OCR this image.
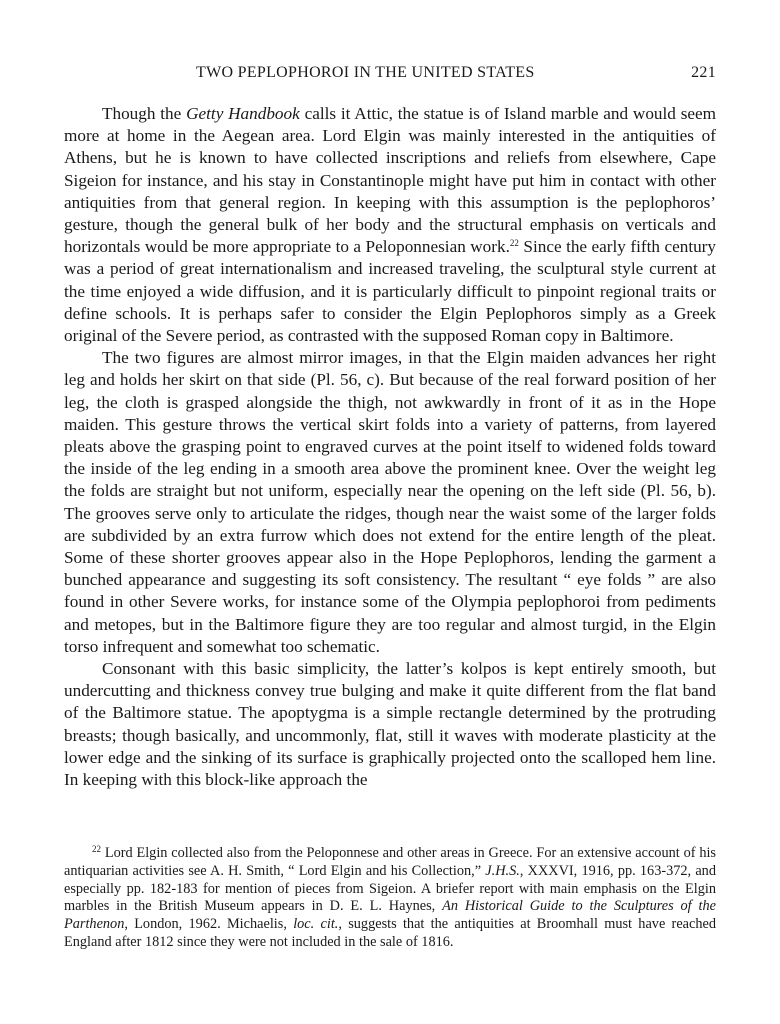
TWO PEPLOPHOROI IN THE UNITED STATES	221

Though the Getty Handbook calls it Attic, the statue is of Island marble and would seem more at home in the Aegean area. Lord Elgin was mainly interested in the antiquities of Athens, but he is known to have collected inscriptions and reliefs from elsewhere, Cape Sigeion for instance, and his stay in Constantinople might have put him in contact with other antiquities from that general region. In keeping with this assumption is the peplophoros’ gesture, though the general bulk of her body and the structural emphasis on verticals and horizontals would be more appropriate to a Peloponnesian work.$^{22}$ Since the early fifth century was a period of great internationalism and increased traveling, the sculptural style current at the time enjoyed a wide diffusion, and it is particularly difficult to pinpoint regional traits or define schools. It is perhaps safer to consider the Elgin Peplophoros simply as a Greek original of the Severe period, as contrasted with the supposed Roman copy in Baltimore.

The two figures are almost mirror images, in that the Elgin maiden advances her right leg and holds her skirt on that side (Pl. 56, c). But because of the real forward position of her leg, the cloth is grasped alongside the thigh, not awkwardly in front of it as in the Hope maiden. This gesture throws the vertical skirt folds into a variety of patterns, from layered pleats above the grasping point to engraved curves at the point itself to widened folds toward the inside of the leg ending in a smooth area above the prominent knee. Over the weight leg the folds are straight but not uniform, especially near the opening on the left side (Pl. 56, b). The grooves serve only to articulate the ridges, though near the waist some of the larger folds are subdivided by an extra furrow which does not extend for the entire length of the pleat. Some of these shorter grooves appear also in the Hope Peplophoros, lending the garment a bunched appearance and suggesting its soft consistency. The resultant “ eye folds ” are also found in other Severe works, for instance some of the Olympia peplophoroi from pediments and metopes, but in the Baltimore figure they are too regular and almost turgid, in the Elgin torso infrequent and somewhat too schematic.

Consonant with this basic simplicity, the latter’s kolpos is kept entirely smooth, but undercutting and thickness convey true bulging and make it quite different from the flat band of the Baltimore statue. The apoptygma is a simple rectangle determined by the protruding breasts; though basically, and uncommonly, flat, still it waves with moderate plasticity at the lower edge and the sinking of its surface is graphically projected onto the scalloped hem line. In keeping with this block-like approach the

$^{22}$ Lord Elgin collected also from the Peloponnese and other areas in Greece. For an extensive account of his antiquarian activities see A. H. Smith, “ Lord Elgin and his Collection,” J.H.S., XXXVI, 1916, pp. 163-372, and especially pp. 182-183 for mention of pieces from Sigeion. A briefer report with main emphasis on the Elgin marbles in the British Museum appears in D. E. L. Haynes, An Historical Guide to the Sculptures of the Parthenon, London, 1962. Michaelis, loc. cit., suggests that the antiquities at Broomhall must have reached England after 1812 since they were not included in the sale of 1816.
